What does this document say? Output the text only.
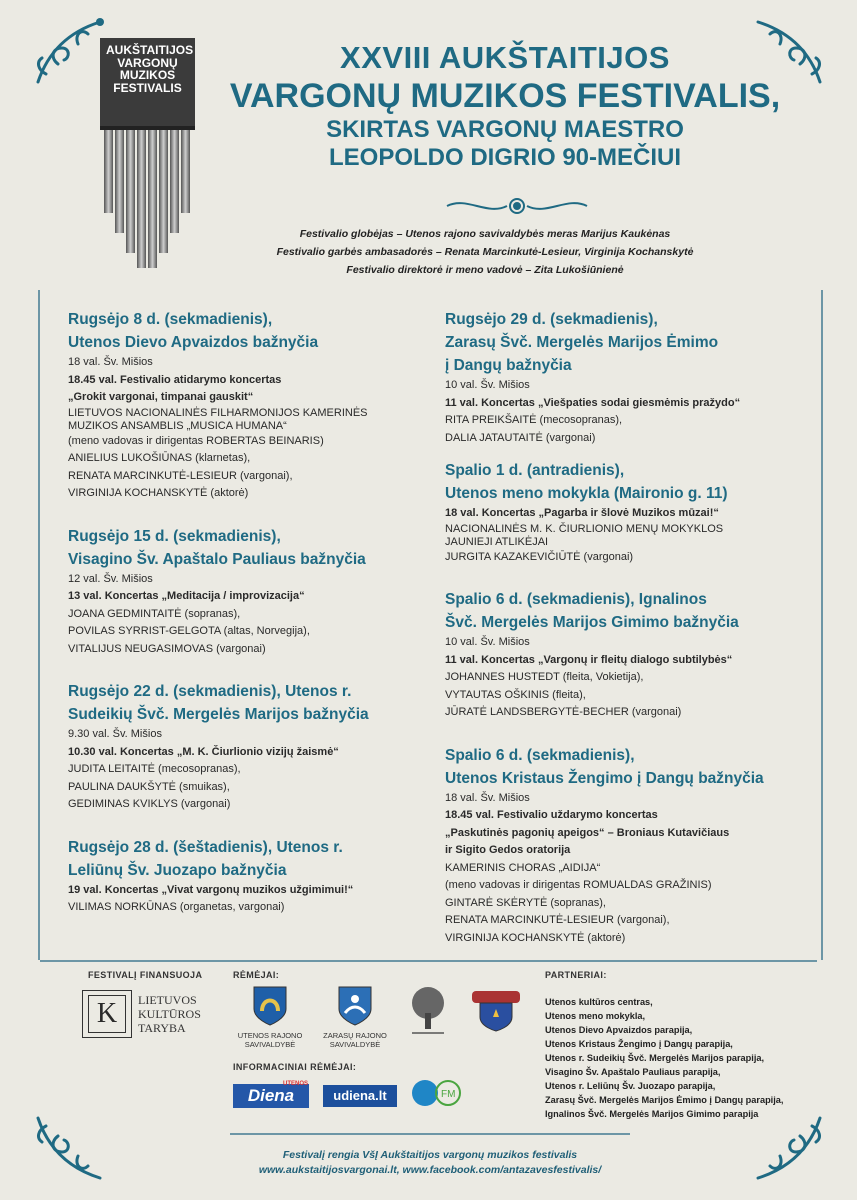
AUKŠTAITIJOS
VARGONŲ
MUZIKOS
FESTIVALIS
XXVIII AUKŠTAITIJOS
VARGONŲ MUZIKOS FESTIVALIS,
SKIRTAS VARGONŲ MAESTRO
LEOPOLDO DIGRIO 90-MEČIUI
Festivalio globėjas – Utenos rajono savivaldybės meras Marijus Kaukėnas
Festivalio garbės ambasadorės – Renata Marcinkutė-Lesieur, Virginija Kochanskytė
Festivalio direktorė ir meno vadovė – Zita Lukošiūnienė
Rugsėjo 8 d. (sekmadienis),
Utenos Dievo Apvaizdos bažnyčia
18 val. Šv. Mišios
18.45 val. Festivalio atidarymo koncertas
„Grokit vargonai, timpanai gauskit“
LIETUVOS NACIONALINĖS FILHARMONIJOS KAMERINĖS
MUZIKOS ANSAMBLIS „MUSICA HUMANA“
(meno vadovas ir dirigentas ROBERTAS BEINARIS)
ANIELIUS LUKOŠIŪNAS (klarnetas),
RENATA MARCINKUTĖ-LESIEUR (vargonai),
VIRGINIJA KOCHANSKYTĖ (aktorė)
Rugsėjo 15 d. (sekmadienis),
Visagino Šv. Apaštalo Pauliaus bažnyčia
12 val. Šv. Mišios
13 val. Koncertas „Meditacija / improvizacija“
JOANA GEDMINTAITĖ (sopranas),
POVILAS SYRRIST-GELGOTA (altas, Norvegija),
VITALIJUS NEUGASIMOVAS (vargonai)
Rugsėjo 22 d. (sekmadienis), Utenos r.
Sudeikių Švč. Mergelės Marijos bažnyčia
9.30 val. Šv. Mišios
10.30 val. Koncertas „M. K. Čiurlionio vizijų žaismė“
JUDITA LEITAITĖ (mecosopranas),
PAULINA DAUKŠYTĖ (smuikas),
GEDIMINAS KVIKLYS (vargonai)
Rugsėjo 28 d. (šeštadienis), Utenos r.
Leliūnų Šv. Juozapo bažnyčia
19 val. Koncertas „Vivat vargonų muzikos užgimimui!“
VILIMAS NORKŪNAS (organetas, vargonai)
Rugsėjo 29 d. (sekmadienis),
Zarasų Švč. Mergelės Marijos Ėmimo
į Dangų bažnyčia
10 val. Šv. Mišios
11 val. Koncertas „Viešpaties sodai giesmėmis pražydo“
RITA PREIKŠAITĖ (mecosopranas),
DALIA JATAUTAITĖ (vargonai)
Spalio 1 d. (antradienis),
Utenos meno mokykla (Maironio g. 11)
18 val. Koncertas „Pagarba ir šlovė Muzikos mūzai!“
NACIONALINĖS M. K. ČIURLIONIO MENŲ MOKYKLOS
JAUNIEJI ATLIKĖJAI
JURGITA KAZAKEVIČIŪTĖ (vargonai)
Spalio 6 d. (sekmadienis), Ignalinos
Švč. Mergelės Marijos Gimimo bažnyčia
10 val. Šv. Mišios
11 val. Koncertas „Vargonų ir fleitų dialogo subtilybės“
JOHANNES HUSTEDT (fleita, Vokietija),
VYTAUTAS OŠKINIS (fleita),
JŪRATĖ LANDSBERGYTĖ-BECHER (vargonai)
Spalio 6 d. (sekmadienis),
Utenos Kristaus Žengimo į Dangų bažnyčia
18 val. Šv. Mišios
18.45 val. Festivalio uždarymo koncertas
„Paskutinės pagonių apeigos“ – Broniaus Kutavičiaus
ir Sigito Gedos oratorija
KAMERINIS CHORAS „AIDIJA“
(meno vadovas ir dirigentas ROMUALDAS GRAŽINIS)
GINTARĖ SKĖRYTĖ (sopranas),
RENATA MARCINKUTĖ-LESIEUR (vargonai),
VIRGINIJA KOCHANSKYTĖ (aktorė)
FESTIVALĮ FINANSUOJA
K	LIETUVOS
KULTŪROS
TARYBA
RĖMĖJAI:
UTENOS RAJONO
SAVIVALDYBĖ
ZARASŲ RAJONO
SAVIVALDYBĖ
INFORMACINIAI RĖMĖJAI:
Diena
UTENOS
udiena.lt	FM
PARTNERIAI:
Utenos kultūros centras,
Utenos meno mokykla,
Utenos Dievo Apvaizdos parapija,
Utenos Kristaus Žengimo į Dangų parapija,
Utenos r. Sudeikių Švč. Mergelės Marijos parapija,
Visagino Šv. Apaštalo Pauliaus parapija,
Utenos r. Leliūnų Šv. Juozapo parapija,
Zarasų Švč. Mergelės Marijos Ėmimo į Dangų parapija,
Ignalinos Švč. Mergelės Marijos Gimimo parapija
Festivalį rengia VšĮ Aukštaitijos vargonų muzikos festivalis
www.aukstaitijosvargonai.lt, www.facebook.com/antazavesfestivalis/
